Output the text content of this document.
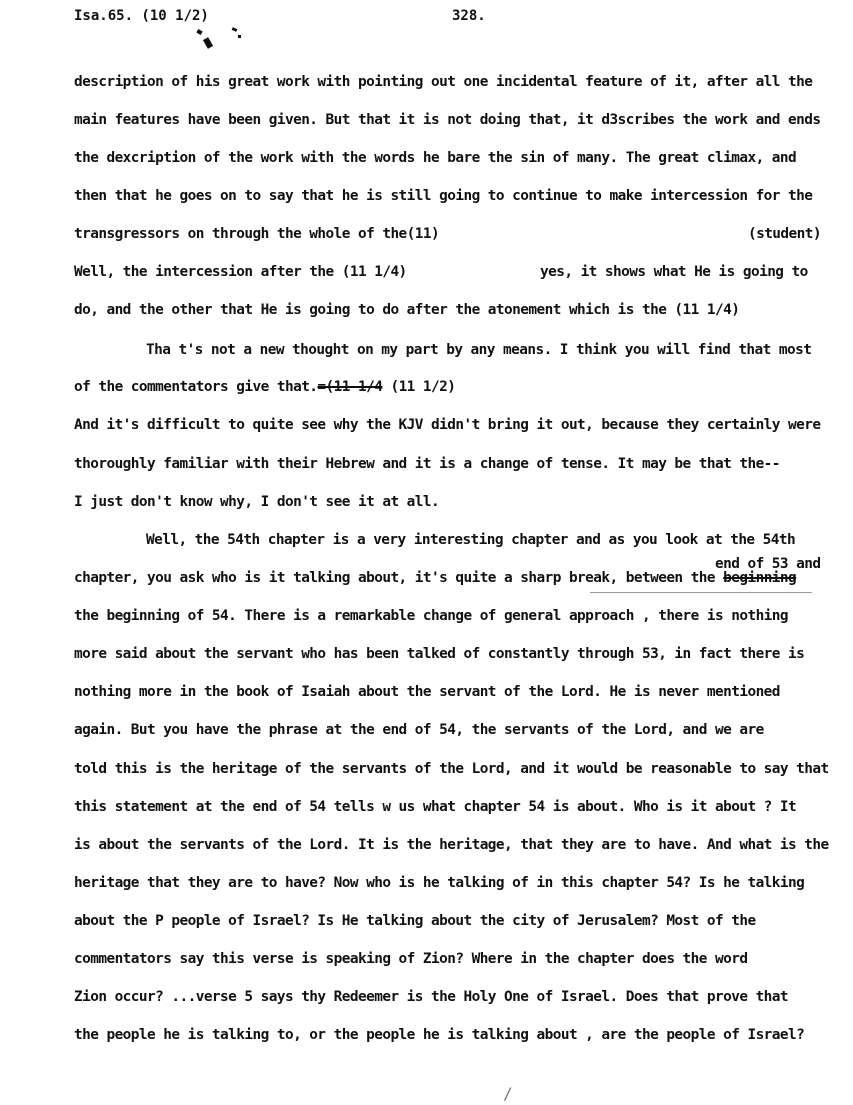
Isa.65. (10 1/2)	328.
description of his great work with pointing out one incidental feature of it, after all the
main features have been given. But that it is not doing that, it d3scribes the work and ends
the dexcription of the work with the words he bare the sin of many. The great climax, and
then that he goes on to say that he is still going to continue to make intercession for the
transgressors on through the whole of the(11)	(student)
Well, the intercession after the (11 1/4)	yes, it shows what He is going to
do, and the other that He is going to do after the atonement which is the (11 1/4)
Tha t's not a new thought on my part by any means. I think you will find that most
of the commentators give that.=(11 1/4 (11 1/2)
And it's difficult to quite see why the KJV didn't bring it out, because they certainly were
thoroughly familiar with their Hebrew and it is a change of tense. It may be that the--
I just don't know why, I don't see it at all.
Well, the 54th chapter is a very interesting chapter and as you look at the 54th
end of 53 and
chapter, you ask who is it talking about, it's quite a sharp break, between the beginning
the beginning of 54. There is a remarkable change of general approach , there is nothing
more said about the servant who has been talked of constantly through 53, in fact there is
nothing more in the book of Isaiah about the servant of the Lord. He is never mentioned
again. But you have the phrase at the end of 54, the servants of the Lord, and we are
told this is the heritage of the servants of the Lord, and it would be reasonable to say that
this statement at the end of 54 tells w us what chapter 54 is about. Who is it about ? It
is about the servants of the Lord. It is the heritage, that they are to have. And what is the
heritage that they are to have? Now who is he talking of in this chapter 54? Is he talking
about the P people of Israel? Is He talking about the city of Jerusalem? Most of the
commentators say this verse is speaking of Zion? Where in the chapter does the word
Zion occur? ...verse 5 says thy Redeemer is the Holy One of Israel. Does that prove that
the people he is talking to, or the people he is talking about , are the people of Israel?
/
